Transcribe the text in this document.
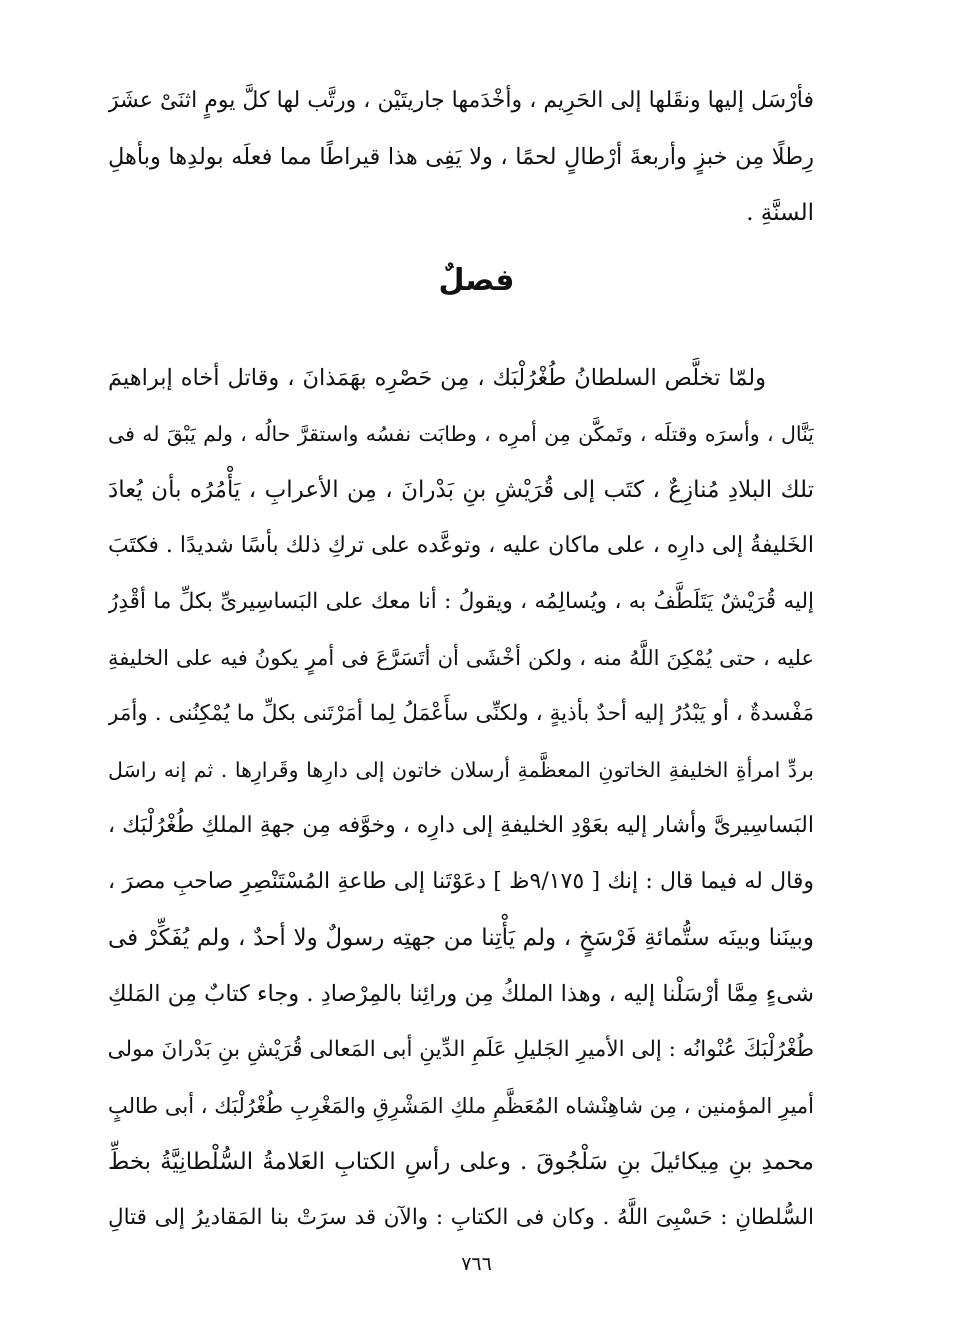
فأرْسَل إليها ونقَلها إلى الحَرِيم ، وأخْدَمها جاريتَيْن ، ورتَّب لها كلَّ يومٍ اثنَىْ عشَرَ
رِطلًا مِن خبزٍ وأربعةَ أرْطالٍ لحمًا ، ولا يَفِى هذا قيراطًا مما فعلَه بولدِها وبأهلِ
السنَّةِ .
فصلٌ
ولمّا تخلَّص السلطانُ طُغْرُلْبَك ، مِن حَصْرِه بهَمَذانَ ، وقاتل أخاه إبراهيمَ
يَنَّال ، وأسرَه وقتلَه ، وتَمكَّن مِن أمرِه ، وطابَت نفسُه واستقرَّ حالُه ، ولم يَبْقَ له فى
تلك البلادِ مُنازِعٌ ، كتَب إلى قُرَيْشِ بنِ بَدْرانَ ، مِن الأعرابِ ، يَأْمُرُه بأن يُعادَ
الخَليفةُ إلى دارِه ، على ماكان عليه ، وتوعَّده على تركِ ذلك بأسًا شديدًا . فكتَبَ
إليه قُرَيْشٌ يَتَلَطَّفُ به ، ويُسالِمُه ، ويقولُ : أنا معك على البَساسِيرىِّ بكلِّ ما أقْدِرُ
عليه ، حتى يُمْكِنَ اللَّهُ منه ، ولكن أخْشَى أن أتَسَرَّعَ فى أمرٍ يكونُ فيه على الخليفةِ
مَفْسدةٌ ، أو يَبْدُرُ إليه أحدٌ بأذيةٍ ، ولكنِّى سأَعْمَلُ لِما أمَرْتَنى بكلِّ ما يُمْكِنُنى . وأمَر
بردِّ امرأةِ الخليفةِ الخاتونِ المعظَّمةِ أرسلان خاتون إلى دارِها وقَرارِها . ثم إنه راسَل
البَساسِيرىَّ وأشار إليه بعَوْدِ الخليفةِ إلى دارِه ، وخوَّفه مِن جهةِ الملكِ طُغْرُلْبَك ،
وقال له فيما قال : إنك [ ٩/١٧٥ظ ] دعَوْتَنا إلى طاعةِ المُسْتَنْصِرِ صاحبِ مصرَ ،
وبينَنا وبينَه ستُّمائةِ فَرْسَخٍ ، ولم يَأْتِنا من جهتِه رسولٌ ولا أحدٌ ، ولم يُفَكِّرْ فى
شىءٍ مِمَّا أرْسَلْنا إليه ، وهذا الملكُ مِن ورائِنا بالمِرْصادِ . وجاء كتابٌ مِن المَلكِ
طُغْرُلْبَكَ عُنْوانُه : إلى الأميرِ الجَليلِ عَلَمِ الدِّينِ أبى المَعالى قُرَيْشِ بنِ بَدْرانَ مولى
أميرِ المؤمنين ، مِن شاهِنْشاه المُعَظَّمِ ملكِ المَشْرِقِ والمَغْرِبِ طُغْرُلْبَك ، أبى طالبٍ
محمدِ بنِ مِيكائيلَ بنِ سَلْجُوقَ . وعلى رأسِ الكتابِ العَلامةُ السُّلْطانِيَّةُ بخطِّ
السُّلطانِ : حَسْبِىَ اللَّهُ . وكان فى الكتابِ : والآن قد سرَتْ بنا المَقاديرُ إلى قتالِ
٧٦٦
